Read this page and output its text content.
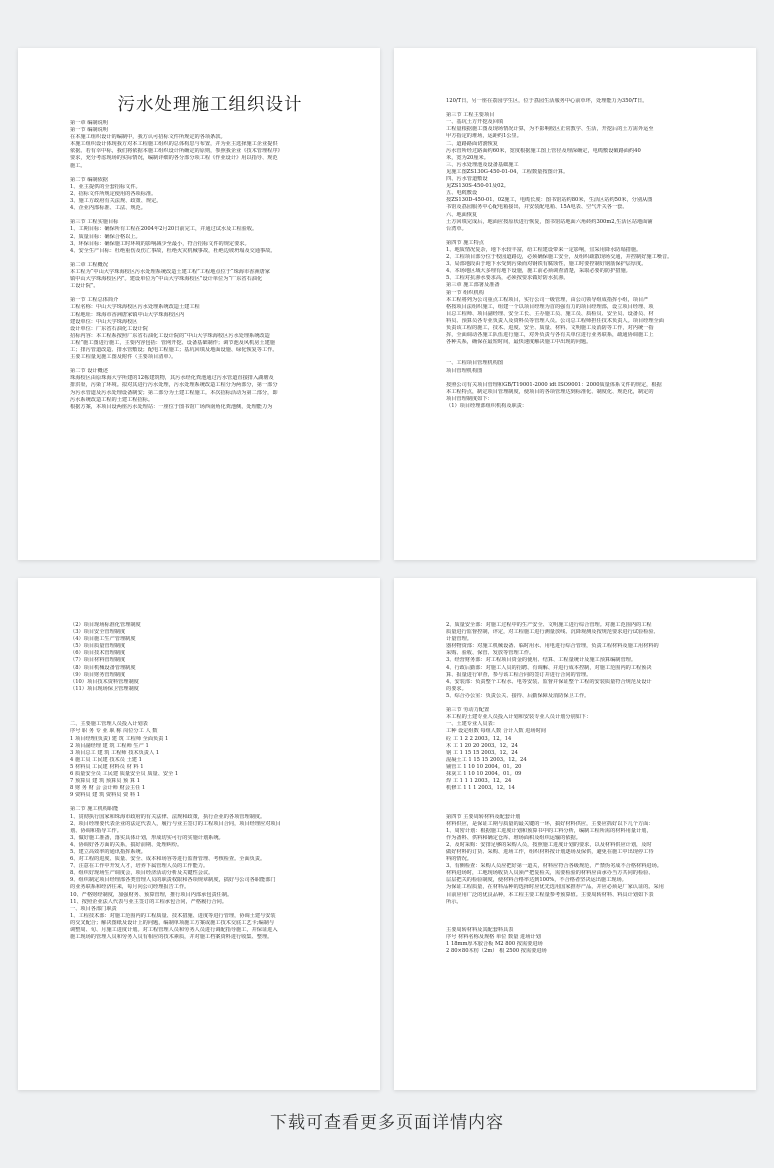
污水处理施工组织设计
第一章 编制说明
第一节 编制说明
在本施工组织设计的编制中，我方认可招标文件所规定的各项条款。
本施工组织设计体现我方对本工程施工组织的总体构思与布置，并为业主选择施工企业提供
依据。若有幸中标，我们将依据本施工组织设计所确定的原则，参照我企业《技术管理程序》
要求，充分考虑现场的实际情况，编制详细的各分部分项工程《作业设计》用以指导、规范
施工。
第二节 编制依据
1、业主提供的全套招标文件。
2、招标文件所规定使用的各项标准。
3、施工方政府有关法规、政策、规定。
4、企业内部标准、工法、规范。
第三节 工程实施目标
1、工期目标：确保所有工程在2004年2月20日前完工，并通过试水及工程验收。
2、质量目标：确保合格以上。
3、环保目标：确保施工时环境的影响减少至最小，符合招标文件的规定要求。
4、安全生产目标：杜绝重伤及伤亡事故，杜绝火灾机械事故，杜绝边坡坍塌及交通事故。
第二章 工程概况
本工程为“中山大学珠海校区污水处理系统改造土建工程”工程地点位于“珠海市香洲唐家
镇中山大学珠海校区内”。建设单位为“中山大学珠海校区”设计单位为“广东省石油化
工设计院”。
第一节 工程总体简介
工程名称：中山大学珠海校区污水处理系统改造土建工程
工程地址：珠海市香洲唐家镇中山大学珠海校区内
建设单位：中山大学珠海校区
设计单位：广东省石油化工设计院
招标内容：本工程系按照广东省石油化工设计院的“中山大学珠海校区污水处理系统改造
工程”施工图进行施工，主要内容包括：管网开挖、设备基础制作；调节池及风机房土建施
工；排污管道改造、排水管敷设；配电工程施工；基坑回填及地面设施、绿化恢复等工作。
主要工程量见施工图及附件（主要项目清单）。
第二节 设计概述
珠海校区由原珠海大学所建的12栋建筑物，其污水经化粪池通过污水管道直接排入湖塘及
排洪渠，污染了环境。拟对其进行污水处理，污水处理系统改造工程分为两部分，第一部分
为污水管道及污水处理设备制安；第二部分为土建工程施工。本次招标活动为第二部分，即
污水系统改造工程的土建工程招标。
根据方案，本项目设两座污水处理站：一座位于图书馆广场西南角化粪池侧，处理能力为
120/T日，另一座在荔园学生区，位于荔园生活服务中心前草坪，处理能力为350/T日。
第三节 工程主要项目
一、基坑土方开挖及回填
工程量根据施工图及现场情况计算，为不影响校区正常教学、生活，开挖后的土方需外运至
甲方指定的堆场，运距约1公里。
二、道路路面切割恢复
污水管所经过路面约60米，宽度根据施工图上管径及埋深确定，电缆敷设破路面约40
米，宽为20厘米。
三、污水处理池及设备基础施工
见施工图ZS130G-450-01-04，工程数量按图计算。
四、污水管道敷设
见ZS130S-450-01及02。
五、电缆敷设
按ZS130D-450-01、02施工，电缆长度：图书馆站约80米，生活区站约50米，分别从图
书馆及荔园服务中心配电箱接出，并安装配电箱、15A电表、空气开关各一套。
六、地面恢复
土方回填完成后，地面应按原状进行恢复，图书馆站地面六角砖约300m2,生活区站地面铺
台湾草。
第四节 施工特点
1、地质情况复杂，地下水较丰富，给工程建设带来一定影响，宜采用降水防塌措施。
2、工程项目部分位于校园道路边，必须确保施工安全，及组织疏散现场交通，并控制好施工噪音。
3、局部地段由于地下水受到污染而对钢铁有腐蚀性，施工时要控制好钢筋保护层厚度。
4、本场地区域大多埋有地下设施，施工前必须调查清楚，采取必要的防护措施。
5、工程对抗渗水要求高，必须按要求做好防水抗渗。
第三章 施工部署及准备
第一节 组织机构
本工程将列为公司重点工程项目，实行公司一级管理，由公司领导组成指挥小组，项目严
格按项目法组织施工，组建一个以项目经理为首的强有力的项目经理部，设立项目经理、项
目总工程师、项目副经理、安全工长、主办施工员、施工员、质检员、安全员、设备员、材
料员、预算员各专业负责人及资料员等管理人员。公司总工程师担任技术负责人。项目经理全面
负责该工程的施工，技术、进度、安全、质量、材料、文明施工及消防等工作，对内统一指
挥，全面调动各施工队伍进行施工，对外负责与各有关单位进行业务联系，疏通协调施工上
各种关系，确保在最短时间，最快速度解决施工中出现的问题。
一、工程项目管理机构图
项目管理机构图
按照公司有关项目管理和GB/T19001-2000 idt ISO9001：2000质量体系文件的规定，根据
本工程特点，制定项目管理制度，使项目的各项管理达到标准化、制度化、规范化，制定的
项目管理制度如下：
（1）项目经理部组织机构及职责：
（2）项目现场标准化管理制度
（3）项目安全管理制度
（4）项目施工生产管理制度
（5）项目质量管理制度
（6）项目技术管理制度
（7）项目材料管理制度
（8）项目机械设备管理制度
（9）项目财务管理制度
（10）项目技术资料管理制度
（11）项目现场保卫管理制度
二、主要施工管理人员投入计划表
序号 职 务 专 业 职 称 岗位分工 人 数
1 项目经理(负责) 建 筑 工程师 全面负责 1
2 项目副经理 建 筑 工程师 生产 1
3 项目总工 建 筑 工程师 技术负责人 1
4 施工员 工民建 技术员 土建 1
5 材料员 工民建 材料员 材 料 1
6 质量安全员 工民建 质量安全员 质量、安全 1
7 预算员 建 筑 预算员 预 算 1
8 财 务 财 会 会计师 财会主任 1
9 资料员 建 筑 资料员 资 料 1
第二节 施工机构职能
1、贯彻执行国家和珠海市政府的有关法律、法规和政策，执行企业的各项管理制度。
2、项目经理要代表企业的法定代表人，履行与业主签订的工程项目合同，项目经理应对项目
划、协调和指导工作。
3、做好施工准备，落实具体计划，形成切实可行的实施计划系统。
4、协调好各方面的关系，搞好前期、处理纠纷。
5、建立高效率的通讯指挥系统。
6、对工程的进度、质量、安全、成本和场容等进行监督管理、考核检查。全面负责。
7、注意在工作中开发人才，培养下属管理人员的工作能力。
8、组织好现场生产调度会，项目经济活动分析及关键性会议。
9、组织制定项目经理部各类管理人员的职责权限和各项规章制度，搞好与公司各职能部门
的业务联系和经济往来，每月向公司经理报告工作。
10、严格财经制度，加强财务、预算管理，推行项目内部承包责任制。
11、按照企业法人代表与业主签订的工程承包合同，严格履行合同。
一、项目各部门职责
1、工程技术部：对施工范围内的工程质量、技术措施、进度等进行管理，协调土建与安装
的交叉配合；解决图纸及设计上的问题，编制单项施工方案或施工技术交底工艺卡;编制与
调整周、旬、月施工进度计划。对工程管理人员和劳务人员进行调配指导施工，并保证进入
施工现场的管理人员和劳务人员有相应的技术素质，并对施工档案资料进行收集、整理。
2、质量安全部：对施工过程中的生产安全、文明施工进行综合管理。对施工范围内的工程
质量进行监督控制，评定，对工程施工进行测量放线、沉降观测及按规范要求进行试验检验、
计量管理。
器材物资部：对施工机械设备、临时用水、用电进行综合管理，负责工程材料及施工用材料的
采购、验收、保管、发放等管理工作。
3、经营财务部：对工程项目资金的使用、结算、工程量统计及施工预算编制管理。
4、行政后勤部：对施工人员的招聘、有调解、并进行成本控制，对施工范围内的工程预决
算、报量进行审查，参与该工程合同的签订并进行合同的管理。
4、安装部：负责整个工程水、电等安装、监督并保证整个工程的安装质量符合规范及设计
的要求。
5、综合办公室：负责公关、接待、后勤保障及消防保卫工作。
第三节 劳动力配置
本工程的土建专业人员投入计划和安装专业人员计划分别如下：
一、土建专业人员表：
工种 设定组数 每组人数 合计人数 进场时间
砼 工 1 2 2 2003。12。14
木 工 1 20 20 2003。12。24
钢 工 1 15 15 2003。12。24
混凝土工 1 15 15 2003。12。24
铺管工 1 10 10 2004。01。20
抹灰工 1 10 10 2004。01。09
焊 工 1 1 1 2003。12。24
机修工 1 1 1 2003。12。14
第四节 主要周转材料及配套计划
材料供应，是保证工期与质量的最关键的一环，搞好材料供应，主要应抓好以下几个方面：
1、周密计划：根据施工进度计划和预算书中的工料分析，编制工程所需的材料用量计划，
作为备料、供料和确定仓库、堆场面积及组织运输的依据。
2、及时采购：安排足够的采购人员，按照施工进度计划的要求，以及材料供应计划，及时
做好材料的订货、采购、进场工作，组织材料按计划逐场及保供，避免在施工中出现停工待
料的情况。
3、有侧检查：采购人员应把好第一道关，材料应符合各级规范，严禁伪劣成不合格材料进场。
材料进场时，工地现场收货人员须严把复检关，需要检验的材料应由承办当方共同的检验、
层层把关的检验制度，使材料合格率达到100%，不合格者坚决运出施工现场。
为保证工程质量，在材料品种的选择时应优先选用国家推荐产品，并应必须是厂家认证的。采用
目前应用广泛的优良品种，本工程主要工程量参考预算值。主要周转材料、料具计划如下表
所示。
主要周转材料及其配套料具表
序号 材料名称及规格 单位 数量 进场计划
1 18mm厚木胶合板 M2 800 按需要进场
2 80×80木枋（2m） 根 2500 按需要进场
下载可查看更多页面详情内容
